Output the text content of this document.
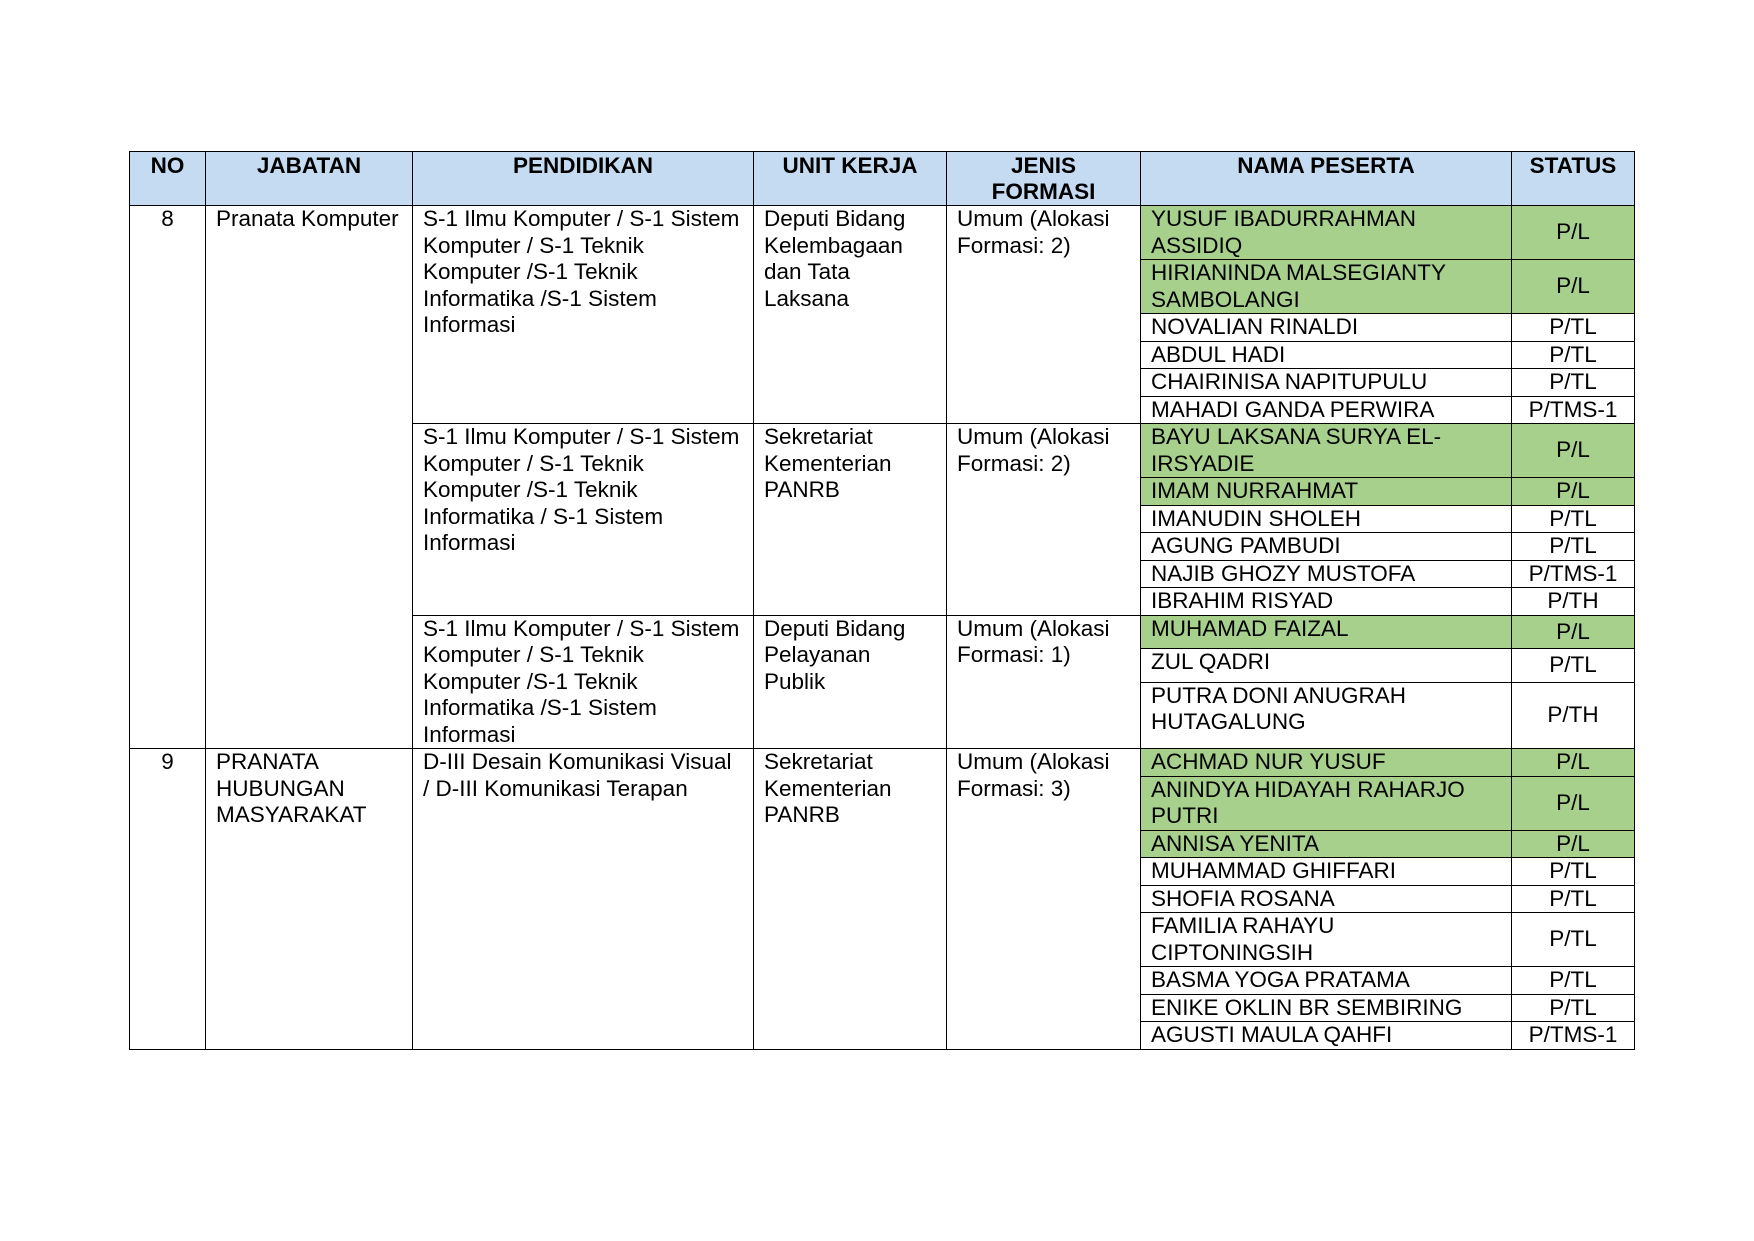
NO	JABATAN	PENDIDIKAN	UNIT KERJA	JENIS FORMASI	NAMA PESERTA	STATUS
8	Pranata Komputer	S-1 Ilmu Komputer / S-1 Sistem Komputer / S-1 Teknik Komputer /S-1 Teknik Informatika /S-1 Sistem Informasi	Deputi Bidang Kelembagaan dan Tata Laksana	Umum (Alokasi Formasi: 2)	YUSUF IBADURRAHMAN ASSIDIQ	P/L
					HIRIANINDA MALSEGIANTY SAMBOLANGI	P/L
					NOVALIAN RINALDI	P/TL
					ABDUL HADI	P/TL
					CHAIRINISA NAPITUPULU	P/TL
					MAHADI GANDA PERWIRA	P/TMS-1
		S-1 Ilmu Komputer / S-1 Sistem Komputer / S-1 Teknik Komputer /S-1 Teknik Informatika / S-1 Sistem Informasi	Sekretariat Kementerian PANRB	Umum (Alokasi Formasi: 2)	BAYU LAKSANA SURYA EL-IRSYADIE	P/L
					IMAM NURRAHMAT	P/L
					IMANUDIN SHOLEH	P/TL
					AGUNG PAMBUDI	P/TL
					NAJIB GHOZY MUSTOFA	P/TMS-1
					IBRAHIM RISYAD	P/TH
		S-1 Ilmu Komputer / S-1 Sistem Komputer / S-1 Teknik Komputer /S-1 Teknik Informatika /S-1 Sistem Informasi	Deputi Bidang Pelayanan Publik	Umum (Alokasi Formasi: 1)	MUHAMAD FAIZAL	P/L
					ZUL QADRI	P/TL
					PUTRA DONI ANUGRAH HUTAGALUNG	P/TH
9	PRANATA HUBUNGAN MASYARAKAT	D-III Desain Komunikasi Visual / D-III Komunikasi Terapan	Sekretariat Kementerian PANRB	Umum (Alokasi Formasi: 3)	ACHMAD NUR YUSUF	P/L
					ANINDYA HIDAYAH RAHARJO PUTRI	P/L
					ANNISA YENITA	P/L
					MUHAMMAD GHIFFARI	P/TL
					SHOFIA ROSANA	P/TL
					FAMILIA RAHAYU CIPTONINGSIH	P/TL
					BASMA YOGA PRATAMA	P/TL
					ENIKE OKLIN BR SEMBIRING	P/TL
					AGUSTI MAULA QAHFI	P/TMS-1
